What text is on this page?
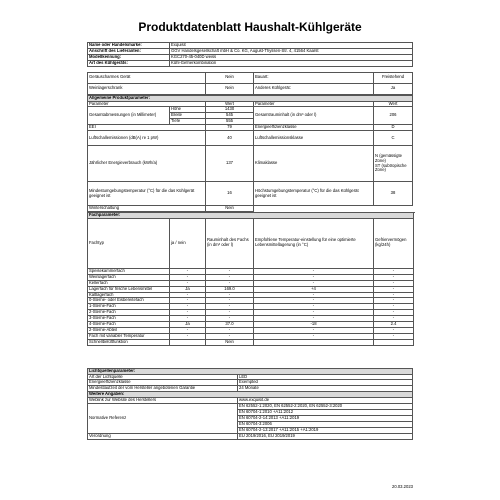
Produktdatenblatt Haushalt-Kühlgeräte
Name oder Handelsmarke:	Exquisit
Anschrift des Lieferanten:	GGV Handelsgesellschaft mbH & Co. KG, August-Thyssen-Str. 4, 41564 Kaarst
Modellkennung:	KGC270-45-040D weiss
Art des Kühlgeräts:	Kühl-Gefrierkombination
Geräuscharmes Gerät	Nein	Bauart:	Freistehend
Weinlagerschrank	Nein	Anderes Kühlgerät:	Ja
Allgemeine Produktparameter:				
Parameter		Wert	Parameter	Wert
Gesamtabmessungen (in Millimeter)	Höhe	1430	Gesamtrauminhalt (in dm³ oder l)	206
	Breite	545		
	Tiefe	555		
EEI		79	Energieeffizienzklasse	D
Luftschallemissionen (dB(A) re 1 pW)		40	Luftschallemissionsklasse	C
Jährlicher Energieverbrauch (kWh/a)		137	Klimaklasse	N (gemässigte Zone)
ST (subtropische Zone)
Mindestumgebungstemperatur (°C) für die das Kühlgerät geeignet ist		16	Höchstumgebungstemperatur (°C) für die das Kühlgerät geeignet ist	38
Winterschaltung		Nein		
Fachparameter:					
Fachtyp	ja / nein	Rauminhalt des Fachs (in dm³ oder l)	Empfohlene Temperatur-einstellung für eine optimierte Lebensmittellagerung (in °C)	Gefriervermögen (kg/24h)	
Speisekammerfach	-	-	-	-	
Weinlagerfach	-	-	-	-	
Kellerfach	-	-	-	-	
Lagerfach für frische Lebensmittel	Ja	169.0	+4	-	
Kaltlagerfach	-	-	-	-	
0-Sterne- oder Eisbereitefach	-	-	-	-	
1-Sterne-Fach	-	-	-	-	
2-Sterne-Fach	-	-	-	-	
3-Sterne-Fach	-	-	-	-	
4-Sterne-Fach	Ja	37.0	-18	2.4	
2-Sterne-Abteil	-	-	-	-	
Fach mit variabler Temperatur	-	-	-	-	
Schnellbelüftfunktion		Nein			
Lichtquellenparameter:	
Art der Lichtquelle	LED
Energieeffizienzklasse	Exempted
Mindestlaufzeit der vom Hersteller angebotenen Garantie	24 Monate
Weitere Angaben:	
Weblink zur Website des Herstellers	www.exquisit.de
Normative Referenz	EN 62552-1:2020, EN 62552-2:2020, EN 62552-3:2020
	EN 60704-1:2010 +A11:2012
	EN 60704-2-14:2013 +A11:2019
	EN 60704-3:2006
	EN 60704-2-13:2017 +A11:2015 +A1:2019
Verordnung	EU 2019/2016, EU 2019/2019
20.03.2023
